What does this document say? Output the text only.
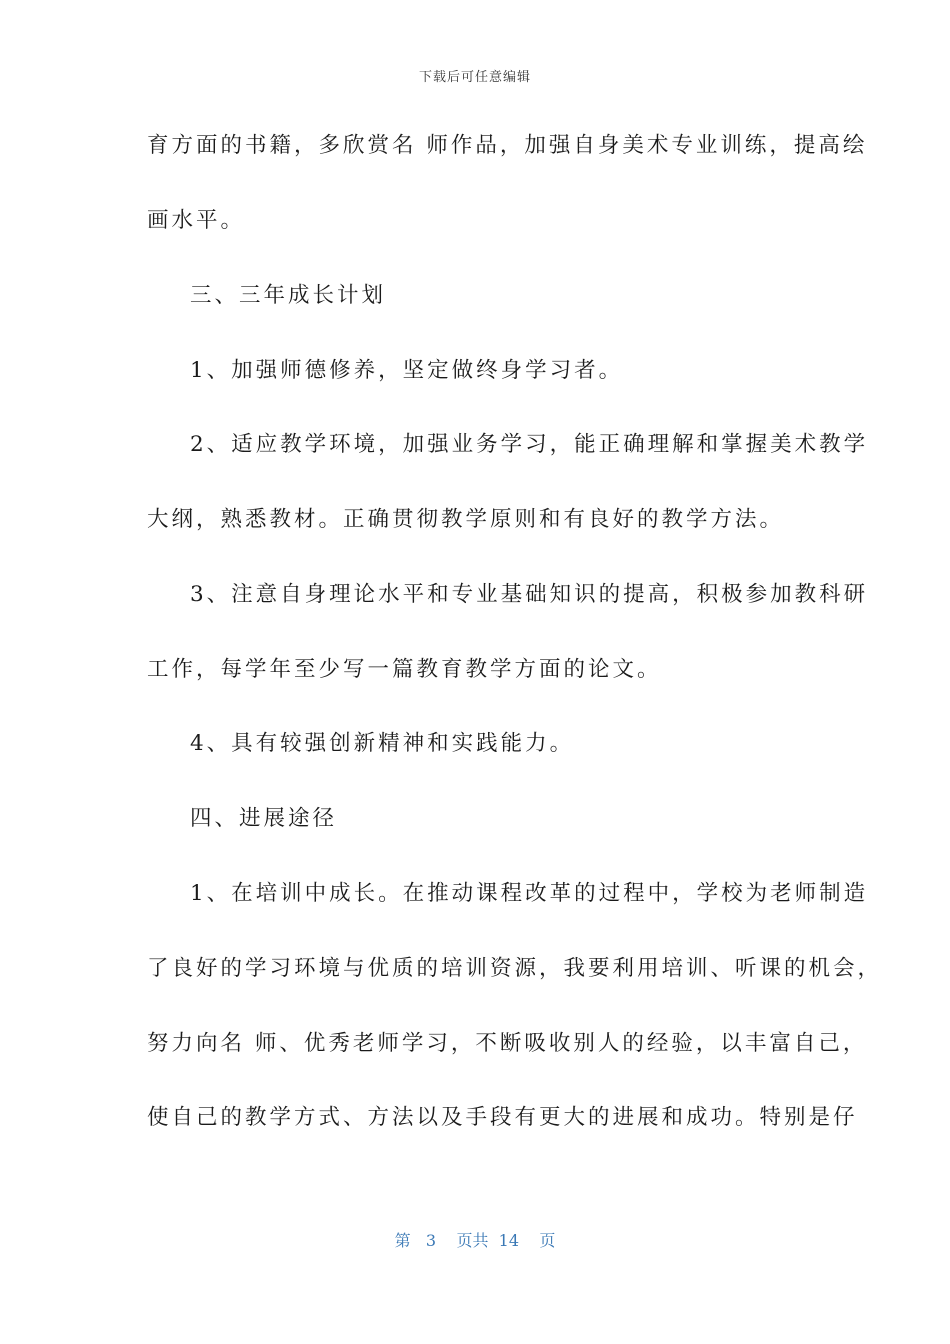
下载后可任意编辑
育方面的书籍，多欣赏名 师作品，加强自身美术专业训练，提高绘
画水平。
三、三年成长计划
1、加强师德修养，坚定做终身学习者。
2、适应教学环境，加强业务学习，能正确理解和掌握美术教学
大纲，熟悉教材。正确贯彻教学原则和有良好的教学方法。
3、注意自身理论水平和专业基础知识的提高，积极参加教科研
工作，每学年至少写一篇教育教学方面的论文。
4、具有较强创新精神和实践能力。
四、进展途径
1、在培训中成长。在推动课程改革的过程中，学校为老师制造
了良好的学习环境与优质的培训资源，我要利用培训、听课的机会，
努力向名 师、优秀老师学习，不断吸收别人的经验，以丰富自己，
使自己的教学方式、方法以及手段有更大的进展和成功。特别是仔
第 3 页共 14 页
